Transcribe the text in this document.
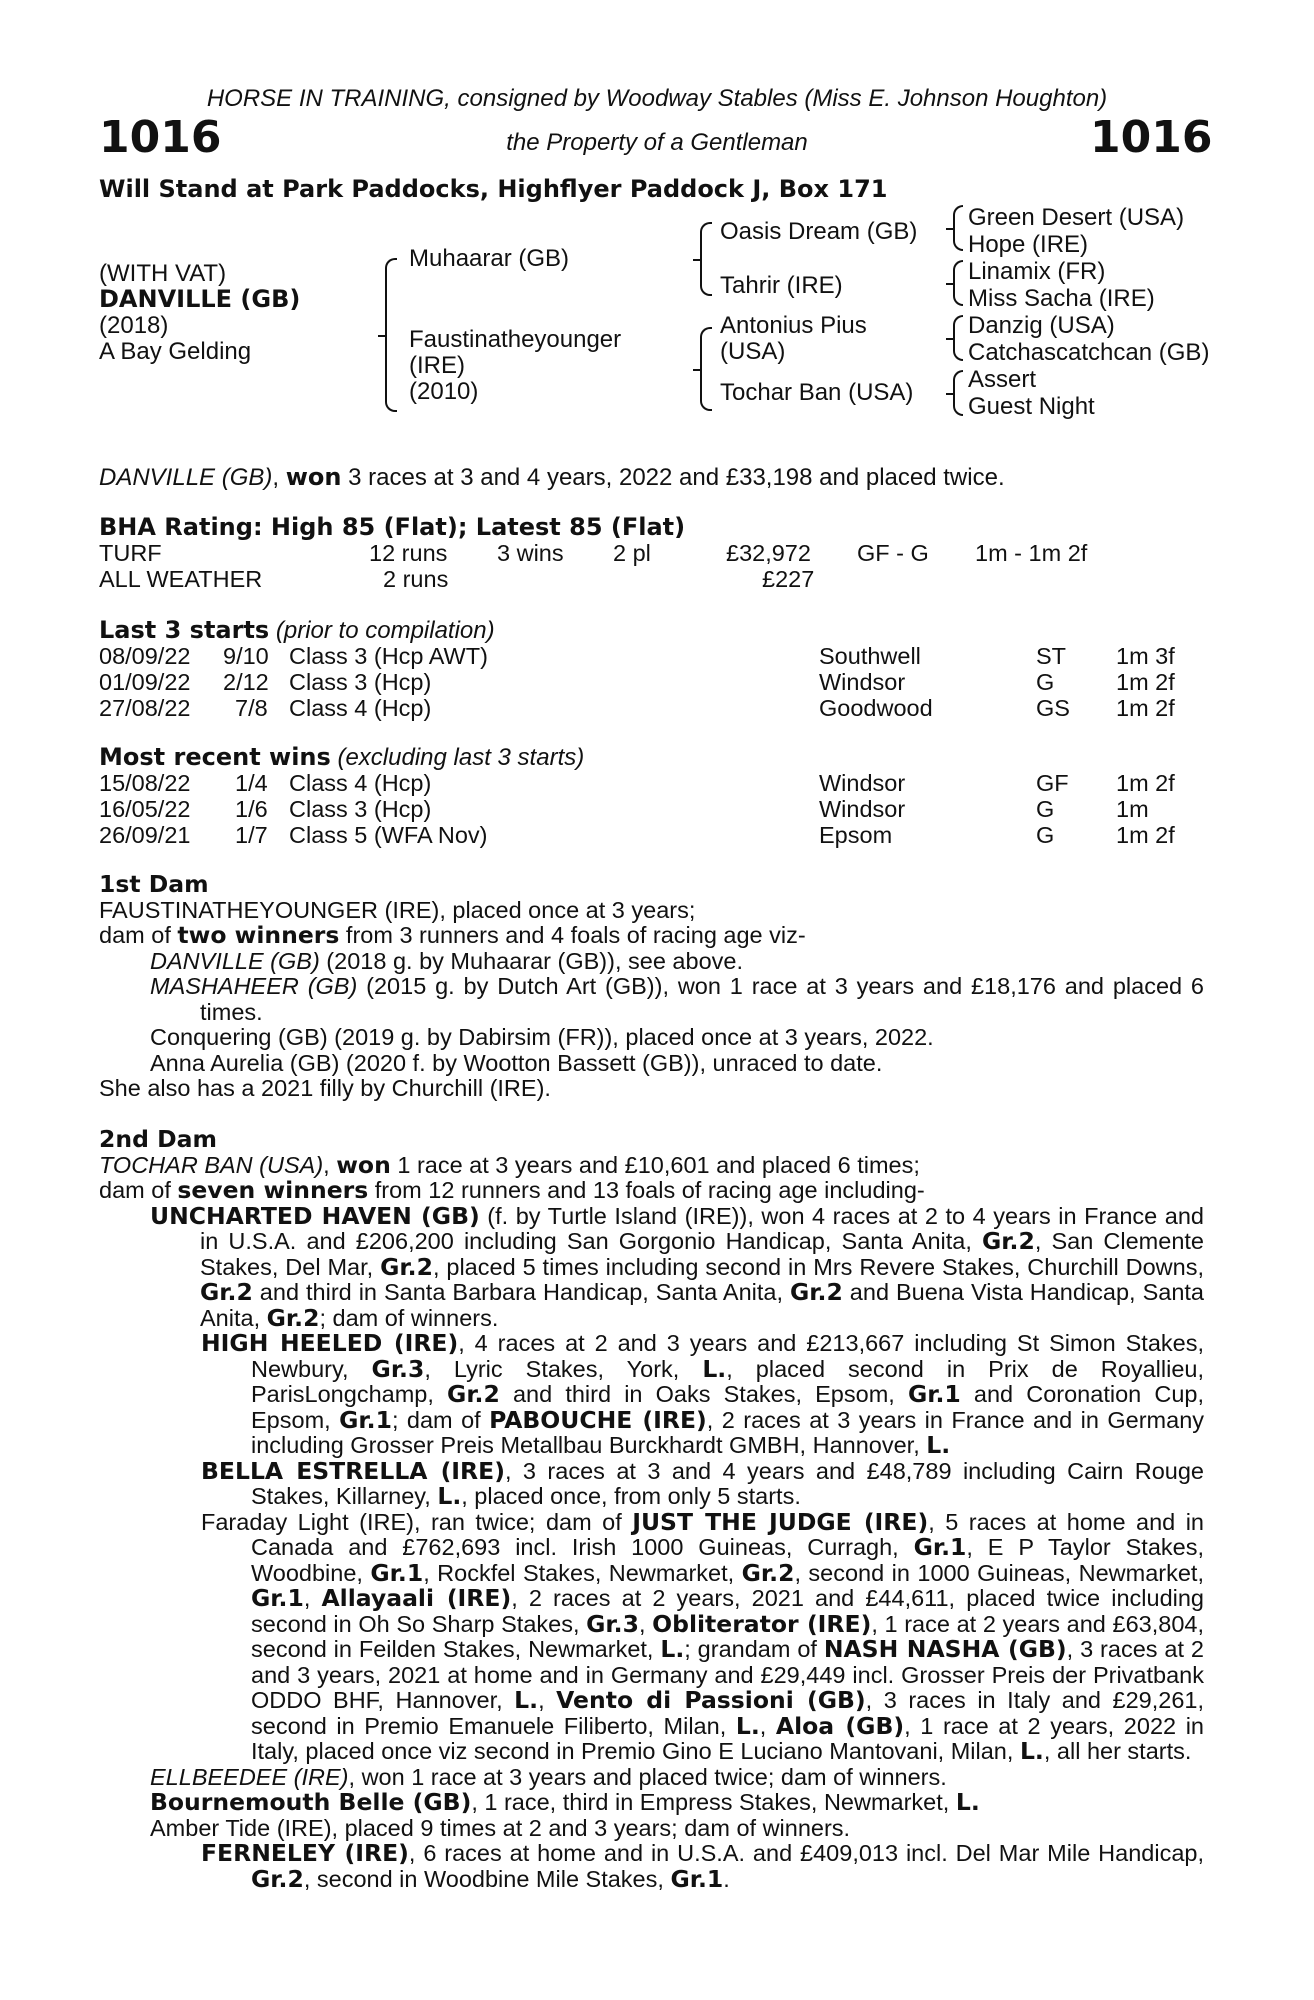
HORSE IN TRAINING, consigned by Woodway Stables (Miss E. Johnson Houghton)
1016	the Property of a Gentleman	1016
Will Stand at Park Paddocks, Highflyer Paddock J, Box 171
(WITH VAT)
DANVILLE (GB)
(2018)
A Bay Gelding
Muhaarar (GB)
Faustinatheyounger
(IRE)
(2010)
Oasis Dream (GB)
Tahrir (IRE)
Antonius Pius
(USA)
Tochar Ban (USA)
Green Desert (USA)
Hope (IRE)
Linamix (FR)
Miss Sacha (IRE)
Danzig (USA)
Catchascatchcan (GB)
Assert
Guest Night
DANVILLE (GB), won 3 races at 3 and 4 years, 2022 and £33,198 and placed twice.
BHA Rating: High 85 (Flat); Latest 85 (Flat)
TURF	12 runs 3 wins 2 pl	£32,972 GF - G 1m - 1m 2f
ALL WEATHER	2 runs	£227
Last 3 starts (prior to compilation)
08/09/22 9/10 Class 3 (Hcp AWT)	Southwell	ST 1m 3f
01/09/22 2/12 Class 3 (Hcp)	Windsor	G	1m 2f
27/08/22 7/8 Class 4 (Hcp)	Goodwood	GS 1m 2f
Most recent wins (excluding last 3 starts)
15/08/22 1/4 Class 4 (Hcp)	Windsor	GF 1m 2f
16/05/22 1/6 Class 3 (Hcp)	Windsor	G	1m
26/09/21 1/7 Class 5 (WFA Nov)	Epsom	G	1m 2f

1st Dam

FAUSTINATHEYOUNGER (IRE), placed once at 3 years;

dam of two winners from 3 runners and 4 foals of racing age viz-

DANVILLE (GB) (2018 g. by Muhaarar (GB)), see above.

MASHAHEER (GB) (2015 g. by Dutch Art (GB)), won 1 race at 3 years and £18,176 and placed 6 times.

Conquering (GB) (2019 g. by Dabirsim (FR)), placed once at 3 years, 2022.

Anna Aurelia (GB) (2020 f. by Wootton Bassett (GB)), unraced to date.

She also has a 2021 filly by Churchill (IRE).

2nd Dam

TOCHAR BAN (USA), won 1 race at 3 years and £10,601 and placed 6 times;

dam of seven winners from 12 runners and 13 foals of racing age including-

UNCHARTED HAVEN (GB) (f. by Turtle Island (IRE)), won 4 races at 2 to 4 years in France and in U.S.A. and £206,200 including San Gorgonio Handicap, Santa Anita, Gr.2, San Clemente Stakes, Del Mar, Gr.2, placed 5 times including second in Mrs Revere Stakes, Churchill Downs, Gr.2 and third in Santa Barbara Handicap, Santa Anita, Gr.2 and Buena Vista Handicap, Santa Anita, Gr.2; dam of winners.

HIGH HEELED (IRE), 4 races at 2 and 3 years and £213,667 including St Simon Stakes, Newbury, Gr.3, Lyric Stakes, York, L., placed second in Prix de Royallieu, ParisLongchamp, Gr.2 and third in Oaks Stakes, Epsom, Gr.1 and Coronation Cup, Epsom, Gr.1; dam of PABOUCHE (IRE), 2 races at 3 years in France and in Germany including Grosser Preis Metallbau Burckhardt GMBH, Hannover, L.

BELLA ESTRELLA (IRE), 3 races at 3 and 4 years and £48,789 including Cairn Rouge Stakes, Killarney, L., placed once, from only 5 starts.

Faraday Light (IRE), ran twice; dam of JUST THE JUDGE (IRE), 5 races at home and in Canada and £762,693 incl. Irish 1000 Guineas, Curragh, Gr.1, E P Taylor Stakes, Woodbine, Gr.1, Rockfel Stakes, Newmarket, Gr.2, second in 1000 Guineas, Newmarket, Gr.1, Allayaali (IRE), 2 races at 2 years, 2021 and £44,611, placed twice including second in Oh So Sharp Stakes, Gr.3, Obliterator (IRE), 1 race at 2 years and £63,804, second in Feilden Stakes, Newmarket, L.; grandam of NASH NASHA (GB), 3 races at 2 and 3 years, 2021 at home and in Germany and £29,449 incl. Grosser Preis der Privatbank ODDO BHF, Hannover, L., Vento di Passioni (GB), 3 races in Italy and £29,261, second in Premio Emanuele Filiberto, Milan, L., Aloa (GB), 1 race at 2 years, 2022 in Italy, placed once viz second in Premio Gino E Luciano Mantovani, Milan, L., all her starts.

ELLBEEDEE (IRE), won 1 race at 3 years and placed twice; dam of winners.

Bournemouth Belle (GB), 1 race, third in Empress Stakes, Newmarket, L.

Amber Tide (IRE), placed 9 times at 2 and 3 years; dam of winners.

FERNELEY (IRE), 6 races at home and in U.S.A. and £409,013 incl. Del Mar Mile Handicap, Gr.2, second in Woodbine Mile Stakes, Gr.1.
